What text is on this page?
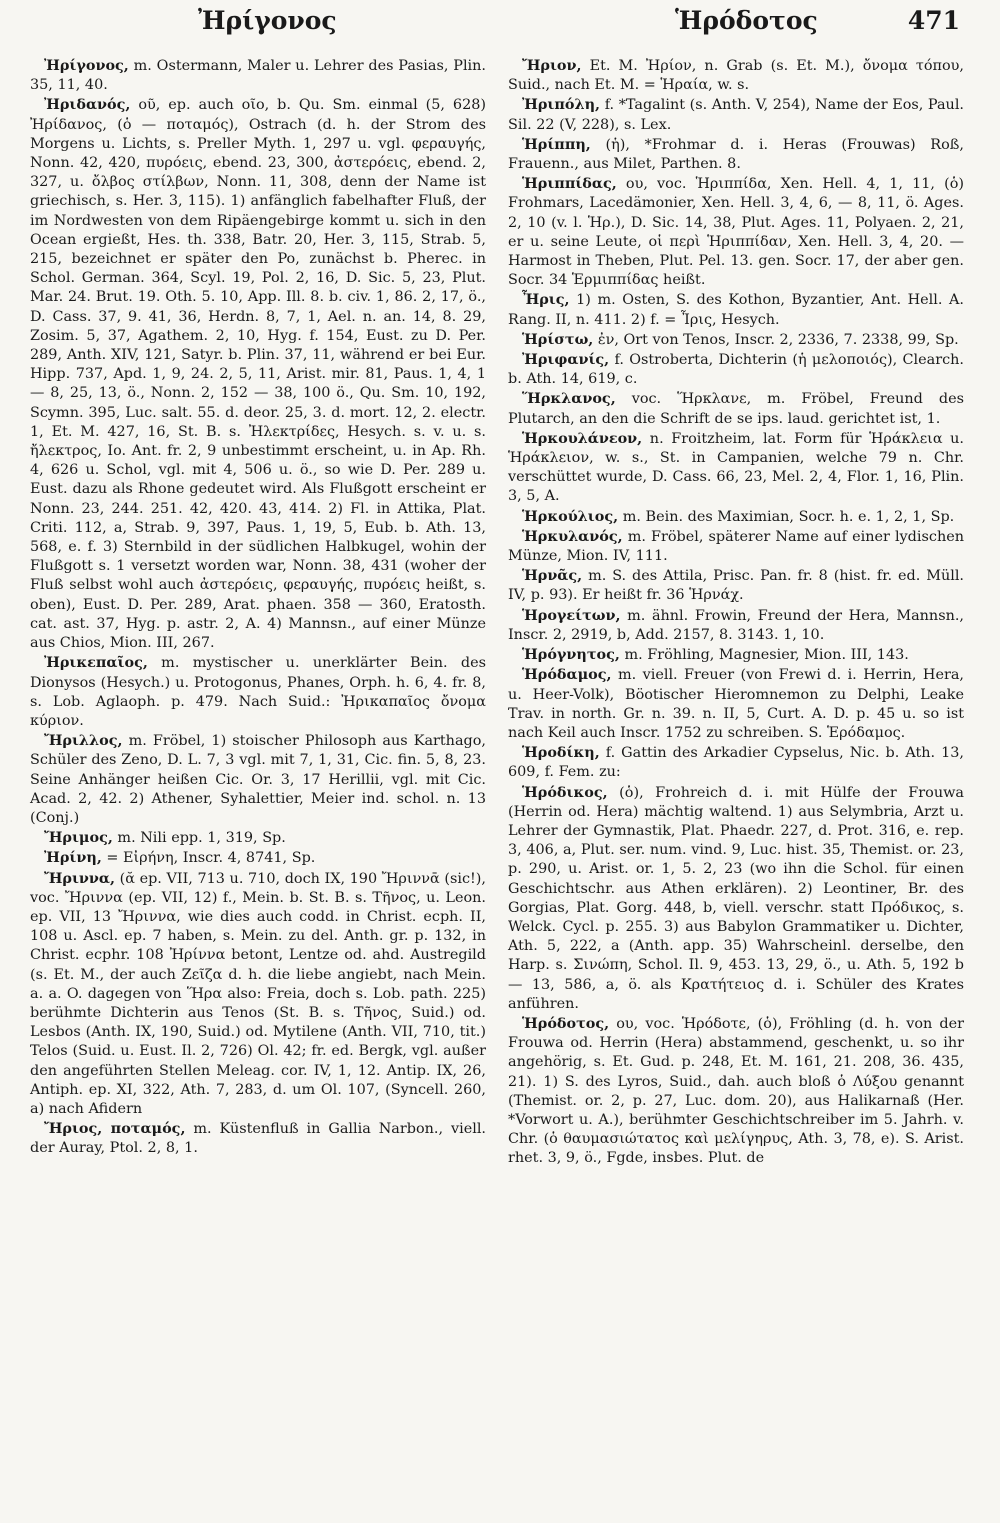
Ἠρίγονος	Ἡρόδοτος	471

Ἠρίγονος, m. Ostermann, Maler u. Lehrer des Pasias, Plin. 35, 11, 40.

Ἠριδανός, οῦ, ep. auch οῖο, b. Qu. Sm. einmal (5, 628) Ἠρίδανος, (ὁ — ποταμός), Ostrach (d. h. der Strom des Morgens u. Lichts, s. Preller Myth. 1, 297 u. vgl. φεραυγής, Nonn. 42, 420, πυρόεις, ebend. 23, 300, ἀστερόεις, ebend. 2, 327, u. ὄλβος στίλβων, Nonn. 11, 308, denn der Name ist griechisch, s. Her. 3, 115). 1) anfänglich fabelhafter Fluß, der im Nordwesten von dem Ripäengebirge kommt u. sich in den Ocean ergießt, Hes. th. 338, Batr. 20, Her. 3, 115, Strab. 5, 215, bezeichnet er später den Po, zunächst b. Pherec. in Schol. German. 364, Scyl. 19, Pol. 2, 16, D. Sic. 5, 23, Plut. Mar. 24. Brut. 19. Oth. 5. 10, App. Ill. 8. b. civ. 1, 86. 2, 17, ö., D. Cass. 37, 9. 41, 36, Herdn. 8, 7, 1, Ael. n. an. 14, 8. 29, Zosim. 5, 37, Agathem. 2, 10, Hyg. f. 154, Eust. zu D. Per. 289, Anth. XIV, 121, Satyr. b. Plin. 37, 11, während er bei Eur. Hipp. 737, Apd. 1, 9, 24. 2, 5, 11, Arist. mir. 81, Paus. 1, 4, 1 — 8, 25, 13, ö., Nonn. 2, 152 — 38, 100 ö., Qu. Sm. 10, 192, Scymn. 395, Luc. salt. 55. d. deor. 25, 3. d. mort. 12, 2. electr. 1, Et. M. 427, 16, St. B. s. Ἠλεκτρίδες, Hesych. s. v. u. s. ἤλεκτρος, Io. Ant. fr. 2, 9 unbestimmt erscheint, u. in Ap. Rh. 4, 626 u. Schol, vgl. mit 4, 506 u. ö., so wie D. Per. 289 u. Eust. dazu als Rhone gedeutet wird. Als Flußgott erscheint er Nonn. 23, 244. 251. 42, 420. 43, 414. 2) Fl. in Attika, Plat. Criti. 112, a, Strab. 9, 397, Paus. 1, 19, 5, Eub. b. Ath. 13, 568, e. f. 3) Sternbild in der südlichen Halbkugel, wohin der Flußgott s. 1 versetzt worden war, Nonn. 38, 431 (woher der Fluß selbst wohl auch ἀστερόεις, φεραυγής, πυρόεις heißt, s. oben), Eust. D. Per. 289, Arat. phaen. 358 — 360, Eratosth. cat. ast. 37, Hyg. p. astr. 2, A. 4) Mannsn., auf einer Münze aus Chios, Mion. III, 267.

Ἠρικεπαῖος, m. mystischer u. unerklärter Bein. des Dionysos (Hesych.) u. Protogonus, Phanes, Orph. h. 6, 4. fr. 8, s. Lob. Aglaoph. p. 479. Nach Suid.: Ἠρικαπαῖος ὄνομα κύριον.

Ἤριλλος, m. Fröbel, 1) stoischer Philosoph aus Karthago, Schüler des Zeno, D. L. 7, 3 vgl. mit 7, 1, 31, Cic. fin. 5, 8, 23. Seine Anhänger heißen Cic. Or. 3, 17 Herillii, vgl. mit Cic. Acad. 2, 42. 2) Athener, Syhalettier, Meier ind. schol. n. 13 (Conj.)

Ἤριμος, m. Nili epp. 1, 319, Sp.

Ἠρίνη, = Εἰρήνη, Inscr. 4, 8741, Sp.

Ἤριννα, (ᾰ ep. VII, 713 u. 710, doch IX, 190 Ἤριννᾱ (sic!), voc. Ἤριννα (ep. VII, 12) f., Mein. b. St. B. s. Τῆνος, u. Leon. ep. VII, 13 Ἤριννα, wie dies auch codd. in Christ. ecph. II, 108 u. Ascl. ep. 7 haben, s. Mein. zu del. Anth. gr. p. 132, in Christ. ecphr. 108 Ἠρίννα betont, Lentze od. ahd. Austregild (s. Et. M., der auch Ζεῖζα d. h. die liebe angiebt, nach Mein. a. a. O. dagegen von Ἥρα also: Freia, doch s. Lob. path. 225) berühmte Dichterin aus Tenos (St. B. s. Τῆνος, Suid.) od. Lesbos (Anth. IX, 190, Suid.) od. Mytilene (Anth. VII, 710, tit.) Telos (Suid. u. Eust. Il. 2, 726) Ol. 42; fr. ed. Bergk, vgl. außer den angeführten Stellen Meleag. cor. IV, 1, 12. Antip. IX, 26, Antiph. ep. XI, 322, Ath. 7, 283, d. um Ol. 107, (Syncell. 260, a) nach Afidern

Ἤριος, ποταμός, m. Küstenfluß in Gallia Narbon., viell. der Auray, Ptol. 2, 8, 1.

Ἤριον, Et. M. Ἠρίον, n. Grab (s. Et. M.), ὄνομα τόπου, Suid., nach Et. M. = Ἡραία, w. s.

Ἠριπόλη, f. *Tagalint (s. Anth. V, 254), Name der Eos, Paul. Sil. 22 (V, 228), s. Lex.

Ἡρίππη, (ἡ), *Frohmar d. i. Heras (Frouwas) Roß, Frauenn., aus Milet, Parthen. 8.

Ἡριππίδας, ου, voc. Ἡριππίδα, Xen. Hell. 4, 1, 11, (ὁ) Frohmars, Lacedämonier, Xen. Hell. 3, 4, 6, — 8, 11, ö. Ages. 2, 10 (v. l. Ἡρ.), D. Sic. 14, 38, Plut. Ages. 11, Polyaen. 2, 21, er u. seine Leute, οἱ περὶ Ἡριππίδαν, Xen. Hell. 3, 4, 20. — Harmost in Theben, Plut. Pel. 13. gen. Socr. 17, der aber gen. Socr. 34 Ἑρμιππίδας heißt.

Ἦρις, 1) m. Osten, S. des Kothon, Byzantier, Ant. Hell. A. Rang. II, n. 411. 2) f. = Ἶρις, Hesych.

Ἡρίστω, ἐν, Ort von Tenos, Inscr. 2, 2336, 7. 2338, 99, Sp.

Ἠριφανίς, f. Ostroberta, Dichterin (ἡ μελοποιός), Clearch. b. Ath. 14, 619, c.

Ἥρκλανος, voc. Ἥρκλανε, m. Fröbel, Freund des Plutarch, an den die Schrift de se ips. laud. gerichtet ist, 1.

Ἡρκουλάνεον, n. Froitzheim, lat. Form für Ἡράκλεια u. Ἡράκλειον, w. s., St. in Campanien, welche 79 n. Chr. verschüttet wurde, D. Cass. 66, 23, Mel. 2, 4, Flor. 1, 16, Plin. 3, 5, A.

Ἡρκούλιος, m. Bein. des Maximian, Socr. h. e. 1, 2, 1, Sp.

Ἡρκυλανός, m. Fröbel, späterer Name auf einer lydischen Münze, Mion. IV, 111.

Ἡρνᾶς, m. S. des Attila, Prisc. Pan. fr. 8 (hist. fr. ed. Müll. IV, p. 93). Er heißt fr. 36 Ἡρνάχ.

Ἡρογείτων, m. ähnl. Frowin, Freund der Hera, Mannsn., Inscr. 2, 2919, b, Add. 2157, 8. 3143. 1, 10.

Ἡρόγνητος, m. Fröhling, Magnesier, Mion. III, 143.

Ἡρόδαμος, m. viell. Freuer (von Frewi d. i. Herrin, Hera, u. Heer-Volk), Böotischer Hieromnemon zu Delphi, Leake Trav. in north. Gr. n. 39. n. II, 5, Curt. A. D. p. 45 u. so ist nach Keil auch Inscr. 1752 zu schreiben. S. Ἑρόδαμος.

Ἡροδίκη, f. Gattin des Arkadier Cypselus, Nic. b. Ath. 13, 609, f. Fem. zu:

Ἡρόδικος, (ὁ), Frohreich d. i. mit Hülfe der Frouwa (Herrin od. Hera) mächtig waltend. 1) aus Selymbria, Arzt u. Lehrer der Gymnastik, Plat. Phaedr. 227, d. Prot. 316, e. rep. 3, 406, a, Plut. ser. num. vind. 9, Luc. hist. 35, Themist. or. 23, p. 290, u. Arist. or. 1, 5. 2, 23 (wo ihn die Schol. für einen Geschichtschr. aus Athen erklären). 2) Leontiner, Br. des Gorgias, Plat. Gorg. 448, b, viell. verschr. statt Πρόδικος, s. Welck. Cycl. p. 255. 3) aus Babylon Grammatiker u. Dichter, Ath. 5, 222, a (Anth. app. 35) Wahrscheinl. derselbe, den Harp. s. Σινώπη, Schol. Il. 9, 453. 13, 29, ö., u. Ath. 5, 192 b — 13, 586, a, ö. als Κρατήτειος d. i. Schüler des Krates anführen.

Ἡρόδοτος, ου, voc. Ἡρόδοτε, (ὁ), Fröhling (d. h. von der Frouwa od. Herrin (Hera) abstammend, geschenkt, u. so ihr angehörig, s. Et. Gud. p. 248, Et. M. 161, 21. 208, 36. 435, 21). 1) S. des Lyros, Suid., dah. auch bloß ὁ Λύξου genannt (Themist. or. 2, p. 27, Luc. dom. 20), aus Halikarnaß (Her. *Vorwort u. A.), berühmter Geschichtschreiber im 5. Jahrh. v. Chr. (ὁ θαυμασιώτατος καὶ μελίγηρυς, Ath. 3, 78, e). S. Arist. rhet. 3, 9, ö., Fgde, insbes. Plut. de
